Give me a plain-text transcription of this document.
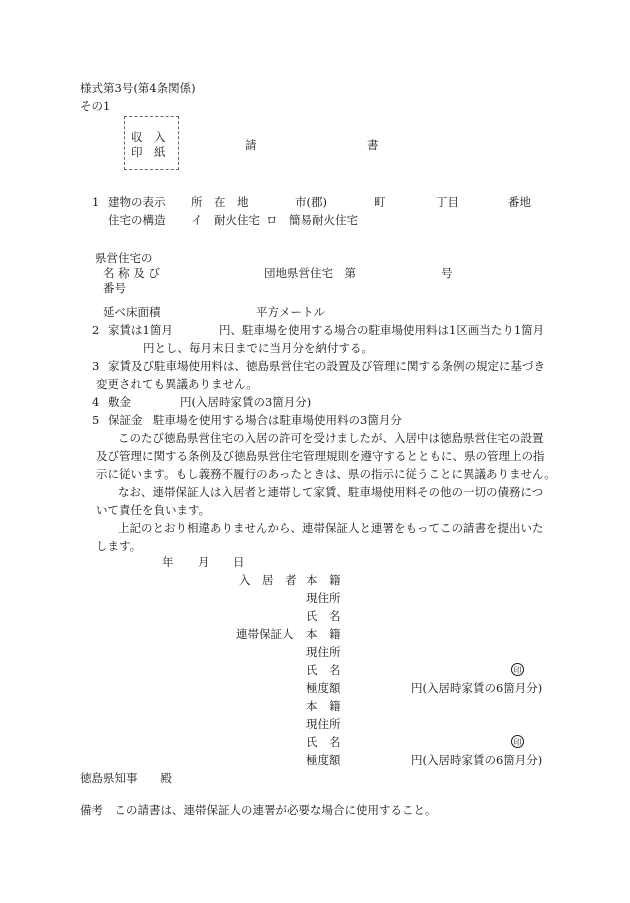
様式第3号(第4条関係)
その1
収　入
印　紙	請	書
1 建物の表示 所　在　地	市(郡)	町	丁目	番地
住宅の構造 イ　耐火住宅 ロ　簡易耐火住宅
県営住宅の
名 称 及 び
番号
団地県営住宅　第	号
延べ床面積	平方メートル
2 家賃は1箇月	円、駐車場を使用する場合の駐車場使用料は1区画当たり1箇月
円とし、毎月末日までに当月分を納付する。
3 家賃及び駐車場使用料は、徳島県営住宅の設置及び管理に関する条例の規定に基づき
変更されても異議ありません。
4 敷金	円(入居時家賃の3箇月分)
5 保証金 駐車場を使用する場合は駐車場使用料の3箇月分
このたび徳島県営住宅の入居の許可を受けましたが、入居中は徳島県営住宅の設置
及び管理に関する条例及び徳島県営住宅管理規則を遵守するとともに、県の管理上の指
示に従います。もし義務不履行のあったときは、県の指示に従うことに異議ありません。
なお、連帯保証人は入居者と連帯して家賃、駐車場使用料その他の一切の債務につ
いて責任を負います。
上記のとおり相違ありませんから、連帯保証人と連署をもってこの請書を提出いた
します。
年 月 日
入　居　者 本　籍
現住所
氏　名
連帯保証人 本　籍
現住所
氏　名	印
極度額	円(入居時家賃の6箇月分)
本　籍
現住所
氏　名	印
極度額	円(入居時家賃の6箇月分)
徳島県知事　　殿
備考　この請書は、連帯保証人の連署が必要な場合に使用すること。
